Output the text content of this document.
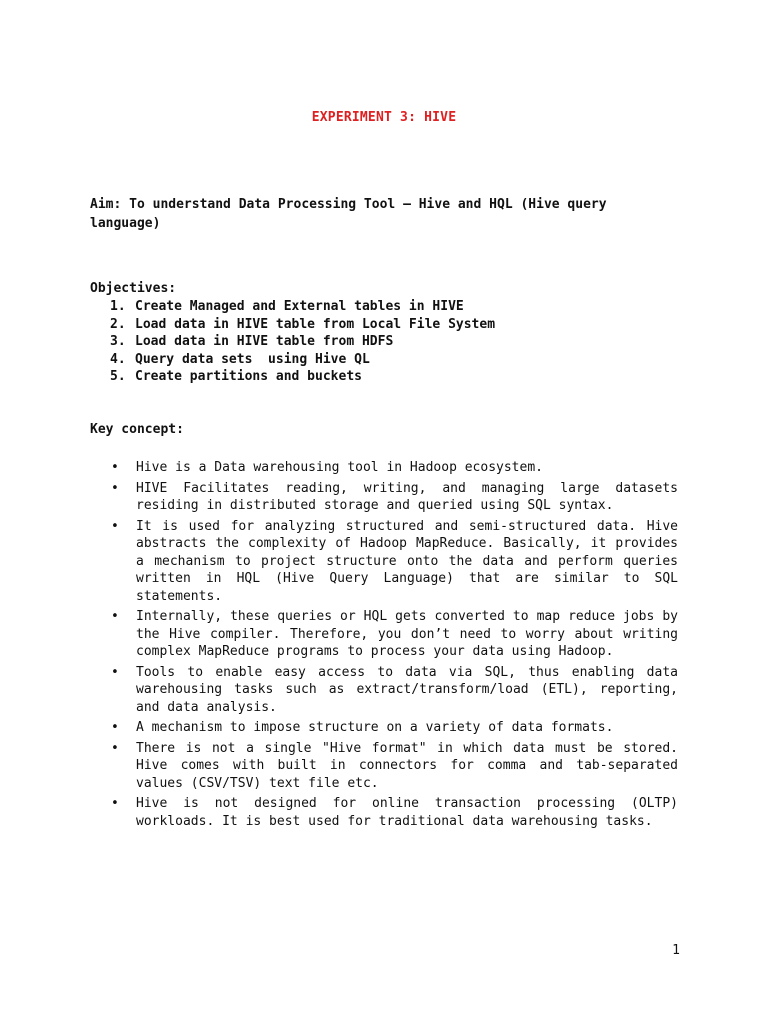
EXPERIMENT 3: HIVE
Aim: To understand Data Processing Tool – Hive and HQL (Hive query language)
Objectives:
1. Create Managed and External tables in HIVE
2. Load data in HIVE table from Local File System
3. Load data in HIVE table from HDFS
4. Query data sets  using Hive QL
5. Create partitions and buckets
Key concept:
• Hive is a Data warehousing tool in Hadoop ecosystem.
• HIVE Facilitates reading, writing, and managing large datasets residing in distributed storage and queried using SQL syntax.
• It is used for analyzing structured and semi-structured data. Hive abstracts the complexity of Hadoop MapReduce. Basically, it provides a mechanism to project structure onto the data and perform queries written in HQL (Hive Query Language) that are similar to SQL statements.
• Internally, these queries or HQL gets converted to map reduce jobs by the Hive compiler. Therefore, you don’t need to worry about writing complex MapReduce programs to process your data using Hadoop.
• Tools to enable easy access to data via SQL, thus enabling data warehousing tasks such as extract/transform/load (ETL), reporting, and data analysis.
• A mechanism to impose structure on a variety of data formats.
• There is not a single "Hive format" in which data must be stored. Hive comes with built in connectors for comma and tab-separated values (CSV/TSV) text file etc.
• Hive is not designed for online transaction processing (OLTP) workloads. It is best used for traditional data warehousing tasks.
1
